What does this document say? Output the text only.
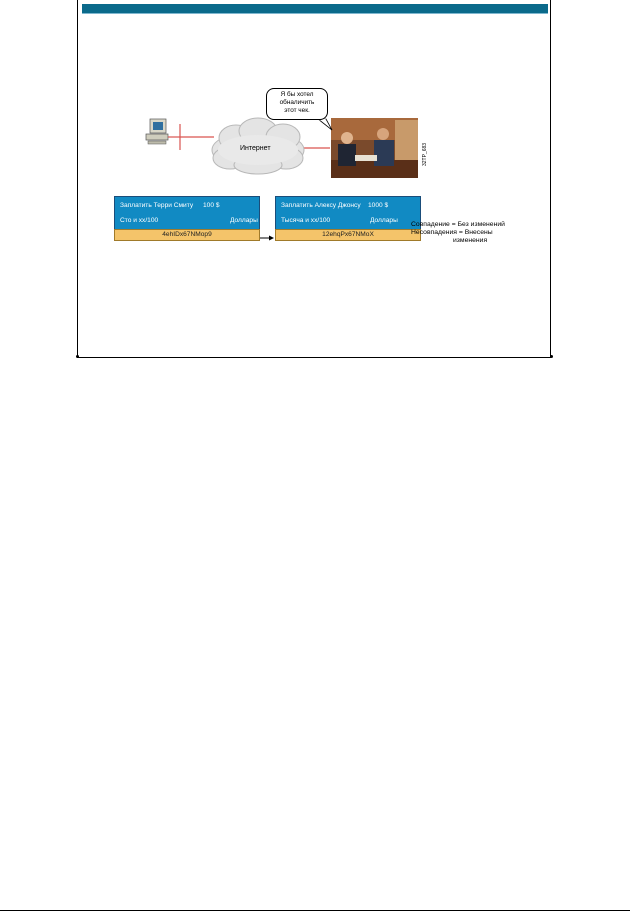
Я бы хотел
обналичить
этот чек.
Интернет	32TP_683
Заплатить Терри Смиту 100 $
Сто и хх/100	Доллары
4ehIDx67NMop9
Заплатить Алексу Джонсу 1000 $
Тысяча и хх/100	Доллары
12ehqPx67NMoX
Совпадение = Без изменений
Несовпадения = Внесены
изменения
